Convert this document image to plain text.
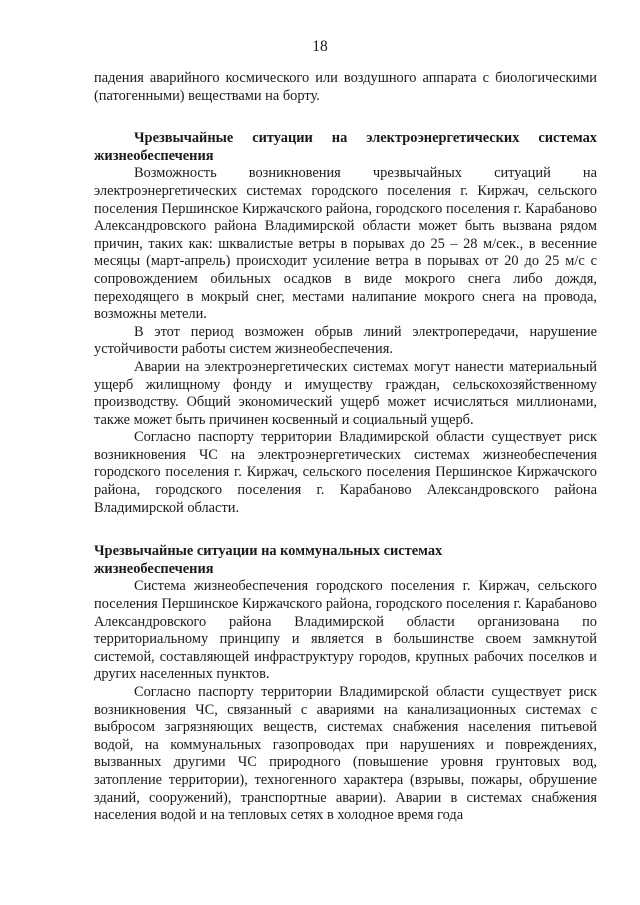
18

падения аварийного космического или воздушного аппарата с биологическими (патогенными) веществами на борту.

Чрезвычайные ситуации на электроэнергетических системах жизнеобеспечения

Возможность возникновения чрезвычайных ситуаций на электроэнергетических системах городского поселения г. Киржач, сельского поселения Першинское Киржачского района, городского поселения г. Карабаново Александровского района Владимирской области может быть вызвана рядом причин, таких как: шквалистые ветры в порывах до 25 – 28 м/сек., в весенние месяцы (март-апрель) происходит усиление ветра в порывах от 20 до 25 м/с с сопровождением обильных осадков в виде мокрого снега либо дождя, переходящего в мокрый снег, местами налипание мокрого снега на провода, возможны метели.

В этот период возможен обрыв линий электропередачи, нарушение устойчивости работы систем жизнеобеспечения.

Аварии на электроэнергетических системах могут нанести материальный ущерб жилищному фонду и имуществу граждан, сельскохозяйственному производству. Общий экономический ущерб может исчисляться миллионами, также может быть причинен косвенный и социальный ущерб.

Согласно паспорту территории Владимирской области существует риск возникновения ЧС на электроэнергетических системах жизнеобеспечения городского поселения г. Киржач, сельского поселения Першинское Киржачского района, городского поселения г. Карабаново Александровского района Владимирской области.

Чрезвычайные ситуации на коммунальных системах

жизнеобеспечения

Система жизнеобеспечения городского поселения г. Киржач, сельского поселения Першинское Киржачского района, городского поселения г. Карабаново Александровского района Владимирской области организована по территориальному принципу и является в большинстве своем замкнутой системой, составляющей инфраструктуру городов, крупных рабочих поселков и других населенных пунктов.

Согласно паспорту территории Владимирской области существует риск возникновения ЧС, связанный с авариями на канализационных системах с выбросом загрязняющих веществ, системах снабжения населения питьевой водой, на коммунальных газопроводах при нарушениях и повреждениях, вызванных другими ЧС природного (повышение уровня грунтовых вод, затопление территории), техногенного характера (взрывы, пожары, обрушение зданий, сооружений), транспортные аварии). Аварии в системах снабжения населения водой и на тепловых сетях в холодное время года
